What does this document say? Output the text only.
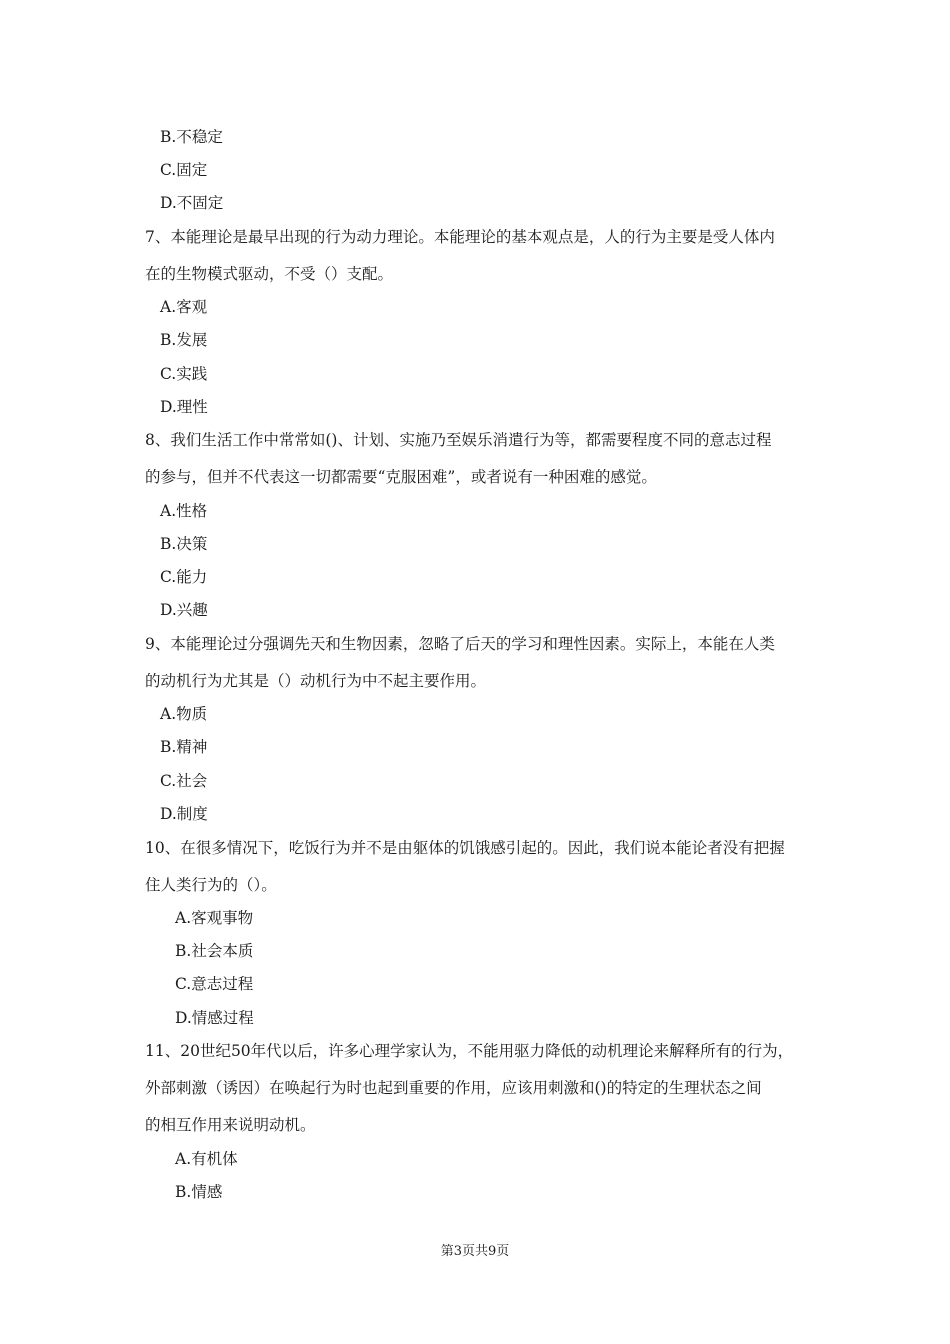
B.不稳定
C.固定
D.不固定
7、本能理论是最早出现的行为动力理论。本能理论的基本观点是，人的行为主要是受人体内
在的生物模式驱动，不受（）支配。
A.客观
B.发展
C.实践
D.理性
8、我们生活工作中常常如()、计划、实施乃至娱乐消遣行为等，都需要程度不同的意志过程
的参与，但并不代表这一切都需要“克服困难”，或者说有一种困难的感觉。
A.性格
B.决策
C.能力
D.兴趣
9、本能理论过分强调先天和生物因素，忽略了后天的学习和理性因素。实际上，本能在人类
的动机行为尤其是（）动机行为中不起主要作用。
A.物质
B.精神
C.社会
D.制度
10、在很多情况下，吃饭行为并不是由躯体的饥饿感引起的。因此，我们说本能论者没有把握
住人类行为的（）。
A.客观事物
B.社会本质
C.意志过程
D.情感过程
11、20世纪50年代以后，许多心理学家认为，不能用驱力降低的动机理论来解释所有的行为，
外部刺激（诱因）在唤起行为时也起到重要的作用，应该用刺激和()的特定的生理状态之间
的相互作用来说明动机。
A.有机体
B.情感
第3页共9页
